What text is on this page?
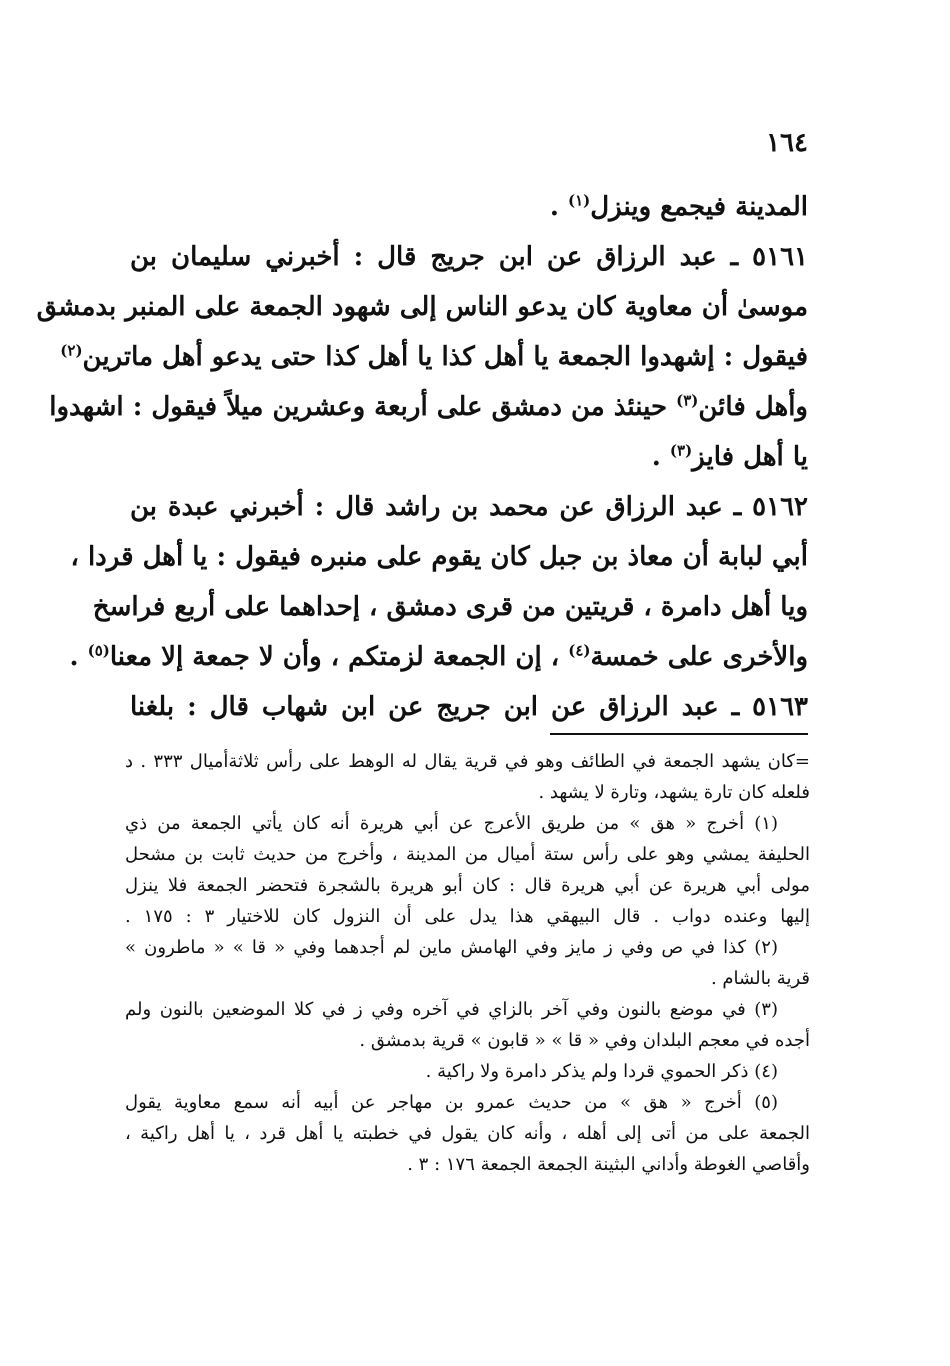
١٦٤
المدينة فيجمع وينزل$^{(١)}$ .
٥١٦١ ـ عبد الرزاق عن ابن جريج قال : أخبرني سليمان بن
موسىٰ أن معاوية كان يدعو الناس إلى شهود الجمعة على المنبر بدمشق
فيقول : إشهدوا الجمعة يا أهل كذا يا أهل كذا حتى يدعو أهل ماترين$^{(٢)}$
وأهل فائن$^{(٣)}$ حينئذ من دمشق على أربعة وعشرين ميلاً فيقول : اشهدوا
يا أهل فايز$^{(٣)}$ .
٥١٦٢ ـ عبد الرزاق عن محمد بن راشد قال : أخبرني عبدة بن
أبي لبابة أن معاذ بن جبل كان يقوم على منبره فيقول : يا أهل قردا ،
ويا أهل دامرة ، قريتين من قرى دمشق ، إحداهما على أربع فراسخ
والأخرى على خمسة$^{(٤)}$ ، إن الجمعة لزمتكم ، وأن لا جمعة إلا معنا$^{(٥)}$ .
٥١٦٣ ـ عبد الرزاق عن ابن جريج عن ابن شهاب قال : بلغنا
=كان يشهد الجمعة في الطائف وهو في قرية يقال له الوهط على رأس ثلاثةأميال ٣٣٣ . د
فلعله كان تارة يشهد، وتارة لا يشهد .
(١) أخرج « هق » من طريق الأعرج عن أبي هريرة أنه كان يأتي الجمعة من ذي
الحليفة يمشي وهو على رأس ستة أميال من المدينة ، وأخرج من حديث ثابت بن مشحل
مولى أبي هريرة عن أبي هريرة قال : كان أبو هريرة بالشجرة فتحضر الجمعة فلا ينزل
إليها وعنده دواب . قال البيهقي هذا يدل على أن النزول كان للاختيار ٣ : ١٧٥ .
(٢) كذا في ص وفي ز مايز وفي الهامش ماين لم أجدهما وفي « قا » « ماطرون »
قرية بالشام .
(٣) في موضع بالنون وفي آخر بالزاي في آخره وفي ز في كلا الموضعين بالنون ولم
أجده في معجم البلدان وفي « قا » « قابون » قرية بدمشق .
(٤) ذكر الحموي قردا ولم يذكر دامرة ولا راكية .
(٥) أخرج « هق » من حديث عمرو بن مهاجر عن أبيه أنه سمع معاوية يقول
الجمعة على من أتى إلى أهله ، وأنه كان يقول في خطبته يا أهل قرد ، يا أهل راكية ،
وأقاصي الغوطة وأداني البثينة الجمعة الجمعة ١٧٦ : ٣ .
